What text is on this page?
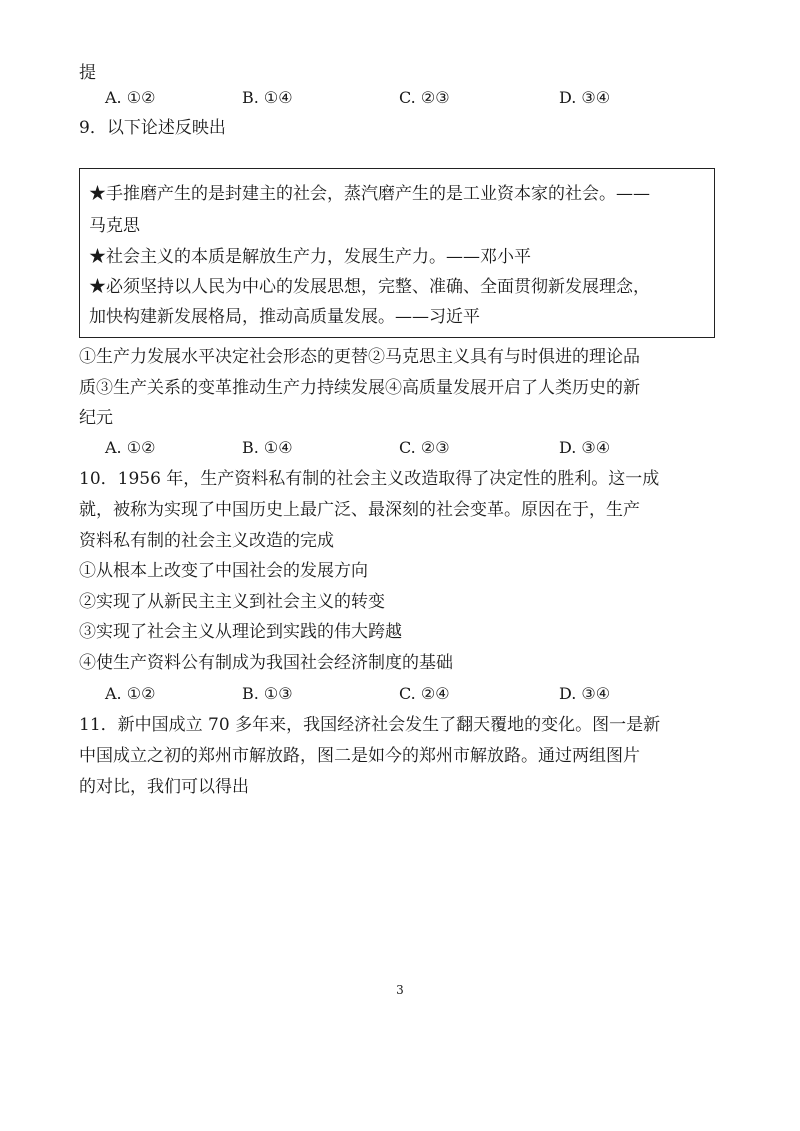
提
A. ①②	B. ①④	C. ②③	D. ③④
9．以下论述反映出
★手推磨产生的是封建主的社会，蒸汽磨产生的是工业资本家的社会。——
马克思
★社会主义的本质是解放生产力，发展生产力。——邓小平
★必须坚持以人民为中心的发展思想，完整、准确、全面贯彻新发展理念，
加快构建新发展格局，推动高质量发展。——习近平
①生产力发展水平决定社会形态的更替②马克思主义具有与时俱进的理论品
质③生产关系的变革推动生产力持续发展④高质量发展开启了人类历史的新
纪元
A. ①②	B. ①④	C. ②③	D. ③④
10．1956 年，生产资料私有制的社会主义改造取得了决定性的胜利。这一成
就，被称为实现了中国历史上最广泛、最深刻的社会变革。原因在于，生产
资料私有制的社会主义改造的完成
①从根本上改变了中国社会的发展方向
②实现了从新民主主义到社会主义的转变
③实现了社会主义从理论到实践的伟大跨越
④使生产资料公有制成为我国社会经济制度的基础
A. ①②	B. ①③	C. ②④	D. ③④
11．新中国成立 70 多年来，我国经济社会发生了翻天覆地的变化。图一是新
中国成立之初的郑州市解放路，图二是如今的郑州市解放路。通过两组图片
的对比，我们可以得出
3
